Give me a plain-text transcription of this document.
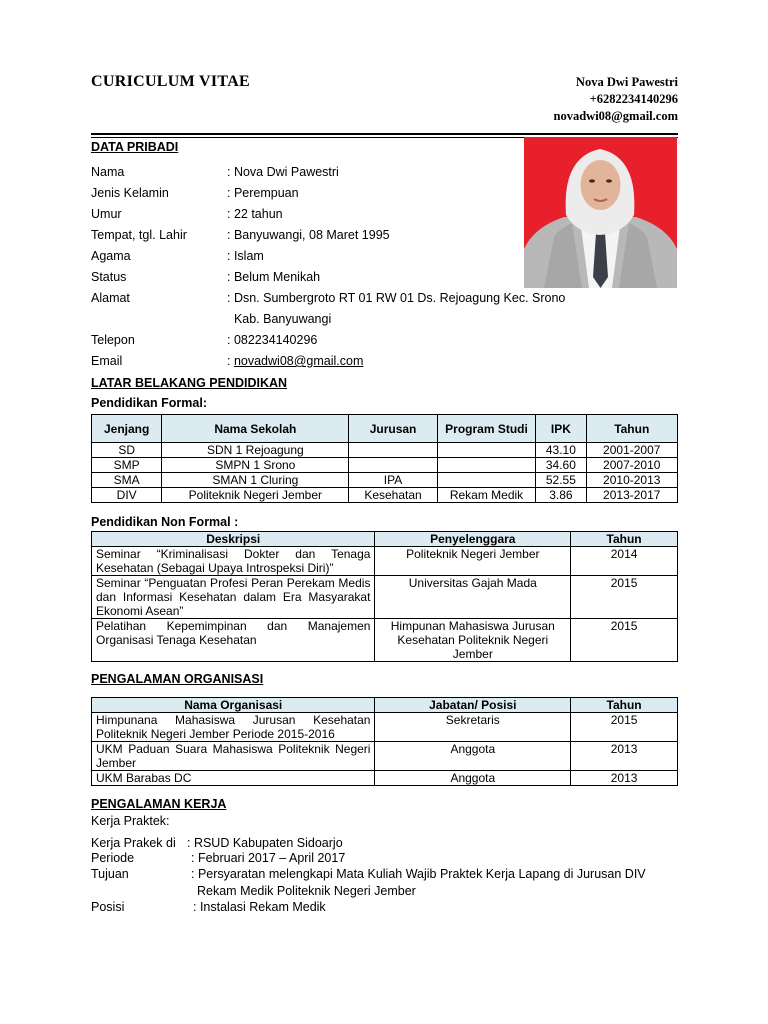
CURICULUM VITAE	Nova Dwi Pawestri
+6282234140296
novadwi08@gmail.com
DATA PRIBADI
Nama	: Nova Dwi Pawestri
Jenis Kelamin	: Perempuan
Umur	: 22 tahun
Tempat, tgl. Lahir	: Banyuwangi, 08 Maret 1995
Agama	: Islam
Status	: Belum Menikah
Alamat	: Dsn. Sumbergroto RT 01 RW 01 Ds. Rejoagung Kec. Srono
Kab. Banyuwangi
Telepon	: 082234140296
Email	: novadwi08@gmail.com
LATAR BELAKANG PENDIDIKAN
Pendidikan Formal:
Jenjang	Nama Sekolah	Jurusan	Program Studi	IPK	Tahun
SD	SDN 1 Rejoagung			43.10	2001-2007
SMP	SMPN 1 Srono			34.60	2007-2010
SMA	SMAN 1 Cluring	IPA		52.55	2010-2013
DIV	Politeknik Negeri Jember	Kesehatan	Rekam Medik	3.86	2013-2017
Pendidikan Non Formal :
Deskripsi	Penyelenggara	Tahun
Seminar “Kriminalisasi Dokter dan Tenaga Kesehatan (Sebagai Upaya Introspeksi Diri)”	Politeknik Negeri Jember	2014
Seminar “Penguatan Profesi Peran Perekam Medis dan Informasi Kesehatan dalam Era Masyarakat Ekonomi Asean”	Universitas Gajah Mada	2015
Pelatihan Kepemimpinan dan Manajemen Organisasi Tenaga Kesehatan	Himpunan Mahasiswa Jurusan Kesehatan Politeknik Negeri Jember	2015
PENGALAMAN ORGANISASI
Nama Organisasi	Jabatan/ Posisi	Tahun
Himpunana Mahasiswa Jurusan Kesehatan Politeknik Negeri Jember Periode 2015-2016	Sekretaris	2015
UKM Paduan Suara Mahasiswa Politeknik Negeri Jember	Anggota	2013
UKM Barabas DC	Anggota	2013
PENGALAMAN KERJA
Kerja Praktek:
Kerja Prakek di : RSUD Kabupaten Sidoarjo
Periode	: Februari 2017 – April 2017
Tujuan	: Persyaratan melengkapi Mata Kuliah Wajib Praktek Kerja Lapang di Jurusan DIV
Rekam Medik Politeknik Negeri Jember
Posisi	: Instalasi Rekam Medik
